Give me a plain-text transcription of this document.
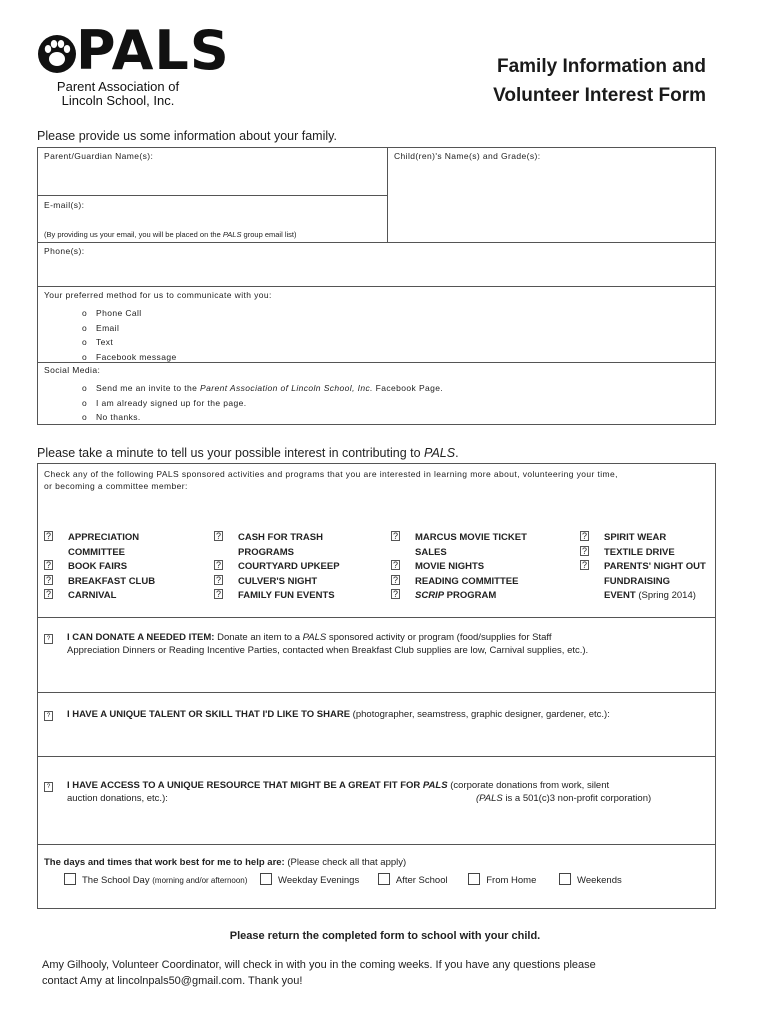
PALS
Parent Association of
Lincoln School, Inc.
Family Information and
Volunteer Interest Form
Please provide us some information about your family.
Parent/Guardian Name(s):	Child(ren)'s Name(s) and Grade(s):
E-mail(s):
(By providing us your email, you will be placed on the PALS group email list)
Phone(s):
Your preferred method for us to communicate with you:
o Phone Call
o Email
o Text
o Facebook message
Social Media:
o Send me an invite to the Parent Association of Lincoln School, Inc. Facebook Page.
o I am already signed up for the page.
o No thanks.
Please take a minute to tell us your possible interest in contributing to PALS.
Check any of the following PALS sponsored activities and programs that you are interested in learning more about, volunteering your time,
or becoming a committee member:
? APPRECIATION COMMITTEE
? BOOK FAIRS
? BREAKFAST CLUB
? CARNIVAL
? CASH FOR TRASH PROGRAMS
? COURTYARD UPKEEP
? CULVER'S NIGHT
? FAMILY FUN EVENTS
? MARCUS MOVIE TICKET SALES
? MOVIE NIGHTS
? READING COMMITTEE
? SCRIP PROGRAM
? SPIRIT WEAR
? TEXTILE DRIVE
? PARENTS' NIGHT OUT FUNDRAISING
EVENT (Spring 2014)
? I CAN DONATE A NEEDED ITEM: Donate an item to a PALS sponsored activity or program (food/supplies for Staff
Appreciation Dinners or Reading Incentive Parties, contacted when Breakfast Club supplies are low, Carnival supplies, etc.).
? I HAVE A UNIQUE TALENT OR SKILL THAT I'D LIKE TO SHARE (photographer, seamstress, graphic designer, gardener, etc.):
? I HAVE ACCESS TO A UNIQUE RESOURCE THAT MIGHT BE A GREAT FIT FOR PALS (corporate donations from work, silent
auction donations, etc.):	(PALS is a 501(c)3 non-profit corporation)
The days and times that work best for me to help are: (Please check all that apply)
The School Day (morning and/or afternoon)	Weekday Evenings	After School	From Home	Weekends
Please return the completed form to school with your child.
Amy Gilhooly, Volunteer Coordinator, will check in with you in the coming weeks. If you have any questions please
contact Amy at lincolnpals50@gmail.com. Thank you!
